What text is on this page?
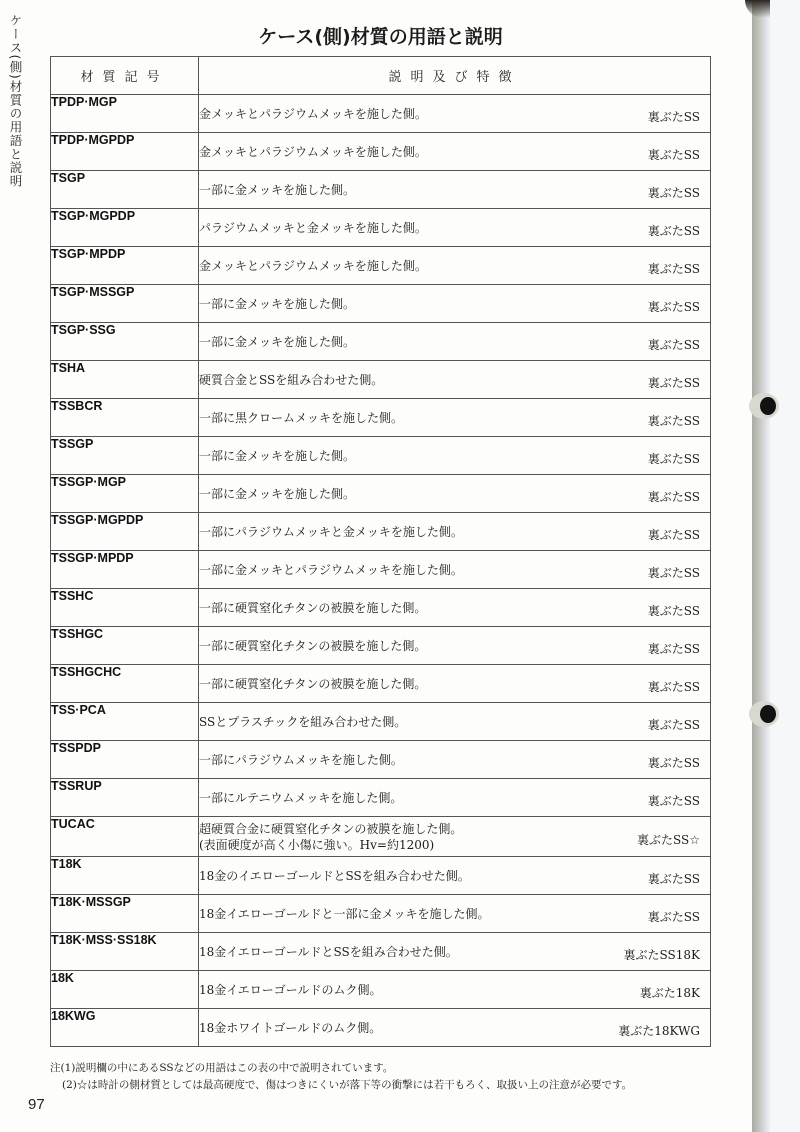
ケース(側)材質の用語と説明	ケース(側)材質の用語と説明
材質記号	説明及び特徴
TPDP·MGP	金メッキとパラジウムメッキを施した側。 裏ぶたSS

TPDP·MGPDP	金メッキとパラジウムメッキを施した側。 裏ぶたSS

TSGP	一部に金メッキを施した側。 裏ぶたSS

TSGP·MGPDP	パラジウムメッキと金メッキを施した側。 裏ぶたSS

TSGP·MPDP	金メッキとパラジウムメッキを施した側。 裏ぶたSS

TSGP·MSSGP	一部に金メッキを施した側。 裏ぶたSS

TSGP·SSG	一部に金メッキを施した側。 裏ぶたSS

TSHA	硬質合金とSSを組み合わせた側。 裏ぶたSS

TSSBCR	一部に黒クロームメッキを施した側。 裏ぶたSS

TSSGP	一部に金メッキを施した側。 裏ぶたSS

TSSGP·MGP	一部に金メッキを施した側。 裏ぶたSS

TSSGP·MGPDP	一部にパラジウムメッキと金メッキを施した側。 裏ぶたSS

TSSGP·MPDP	一部に金メッキとパラジウムメッキを施した側。 裏ぶたSS

TSSHC	一部に硬質窒化チタンの被膜を施した側。 裏ぶたSS

TSSHGC	一部に硬質窒化チタンの被膜を施した側。 裏ぶたSS

TSSHGCHC	一部に硬質窒化チタンの被膜を施した側。 裏ぶたSS

TSS·PCA	SSとプラスチックを組み合わせた側。 裏ぶたSS

TSSPDP	一部にパラジウムメッキを施した側。 裏ぶたSS

TSSRUP	一部にルテニウムメッキを施した側。 裏ぶたSS

TUCAC	超硬質合金に硬質窒化チタンの被膜を施した側。
(表面硬度が高く小傷に強い。Hv=約1200) 裏ぶたSS☆

T18K	18金のイエローゴールドとSSを組み合わせた側。 裏ぶたSS

T18K·MSSGP	18金イエローゴールドと一部に金メッキを施した側。 裏ぶたSS

T18K·MSS·SS18K	18金イエローゴールドとSSを組み合わせた側。 裏ぶたSS18K

18K	18金イエローゴールドのムク側。 裏ぶた18K

18KWG	18金ホワイトゴールドのムク側。 裏ぶた18KWG
注(1)説明欄の中にあるSSなどの用語はこの表の中で説明されています。
(2)☆は時計の側材質としては最高硬度で、傷はつきにくいが落下等の衝撃には若干もろく、取扱い上の注意が必要です。
97
